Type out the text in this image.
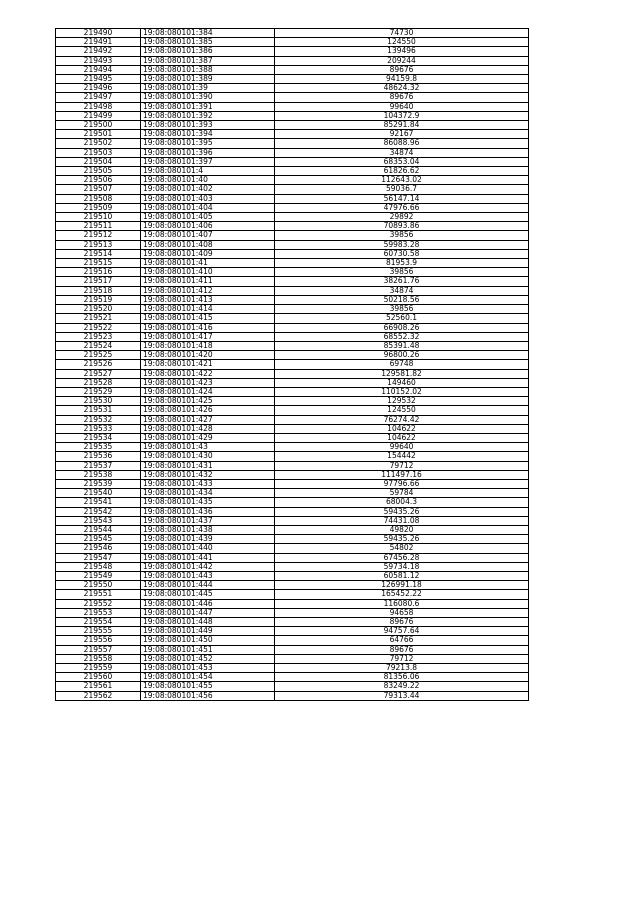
219490	19:08:080101:384	74730
219491	19:08:080101:385	124550
219492	19:08:080101:386	139496
219493	19:08:080101:387	209244
219494	19:08:080101:388	89676
219495	19:08:080101:389	94159.8
219496	19:08:080101:39	48624.32
219497	19:08:080101:390	89676
219498	19:08:080101:391	99640
219499	19:08:080101:392	104372.9
219500	19:08:080101:393	85291.84
219501	19:08:080101:394	92167
219502	19:08:080101:395	86088.96
219503	19:08:080101:396	34874
219504	19:08:080101:397	68353.04
219505	19:08:080101:4	61826.62
219506	19:08:080101:40	112643.02
219507	19:08:080101:402	59036.7
219508	19:08:080101:403	56147.14
219509	19:08:080101:404	47976.66
219510	19:08:080101:405	29892
219511	19:08:080101:406	70893.86
219512	19:08:080101:407	39856
219513	19:08:080101:408	59983.28
219514	19:08:080101:409	60730.58
219515	19:08:080101:41	81953.9
219516	19:08:080101:410	39856
219517	19:08:080101:411	38261.76
219518	19:08:080101:412	34874
219519	19:08:080101:413	50218.56
219520	19:08:080101:414	39856
219521	19:08:080101:415	52560.1
219522	19:08:080101:416	66908.26
219523	19:08:080101:417	68552.32
219524	19:08:080101:418	85391.48
219525	19:08:080101:420	96800.26
219526	19:08:080101:421	69748
219527	19:08:080101:422	129581.82
219528	19:08:080101:423	149460
219529	19:08:080101:424	110152.02
219530	19:08:080101:425	129532
219531	19:08:080101:426	124550
219532	19:08:080101:427	76274.42
219533	19:08:080101:428	104622
219534	19:08:080101:429	104622
219535	19:08:080101:43	99640
219536	19:08:080101:430	154442
219537	19:08:080101:431	79712
219538	19:08:080101:432	111497.16
219539	19:08:080101:433	97796.66
219540	19:08:080101:434	59784
219541	19:08:080101:435	68004.3
219542	19:08:080101:436	59435.26
219543	19:08:080101:437	74431.08
219544	19:08:080101:438	49820
219545	19:08:080101:439	59435.26
219546	19:08:080101:440	54802
219547	19:08:080101:441	67456.28
219548	19:08:080101:442	59734.18
219549	19:08:080101:443	60581.12
219550	19:08:080101:444	126991.18
219551	19:08:080101:445	165452.22
219552	19:08:080101:446	116080.6
219553	19:08:080101:447	94658
219554	19:08:080101:448	89676
219555	19:08:080101:449	94757.64
219556	19:08:080101:450	64766
219557	19:08:080101:451	89676
219558	19:08:080101:452	79712
219559	19:08:080101:453	79213.8
219560	19:08:080101:454	81356.06
219561	19:08:080101:455	83249.22
219562	19:08:080101:456	79313.44
